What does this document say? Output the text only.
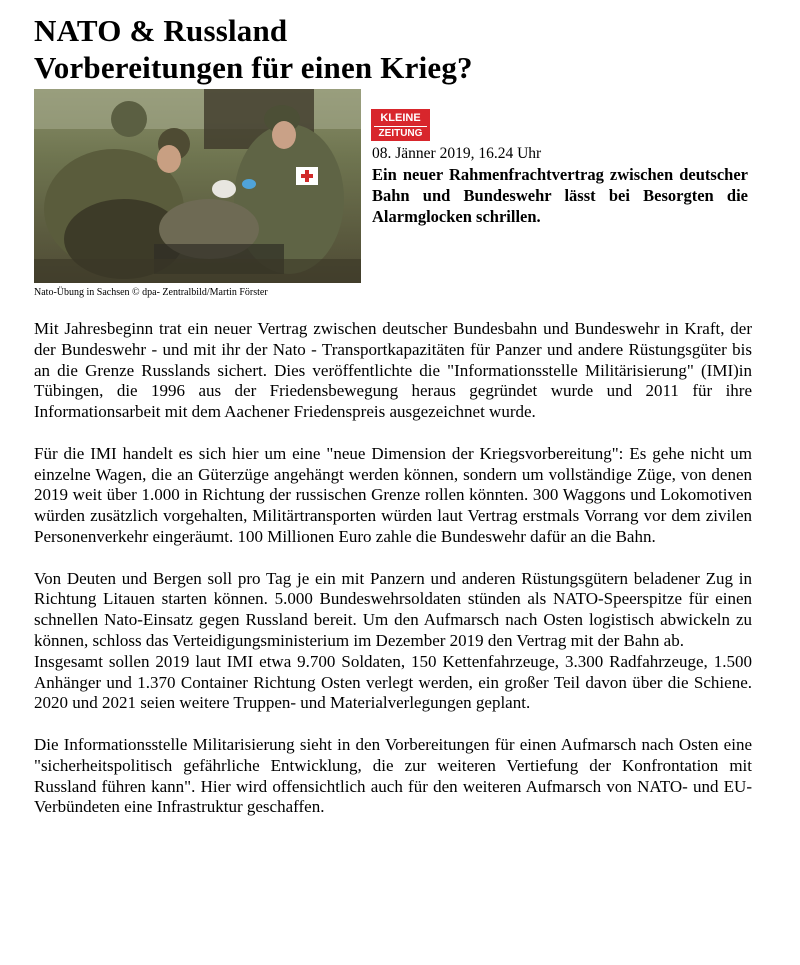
NATO & Russland
Vorbereitungen für einen Krieg?
Nato-Übung in Sachsen © dpa- Zentralbild/Martin Förster
KLEINE
ZEITUNG
08. Jänner 2019, 16.24 Uhr
Ein neuer Rahmenfrachtvertrag zwischen deutscher Bahn und Bundeswehr lässt bei Besorgten die Alarmglocken schrillen.

Mit Jahresbeginn trat ein neuer Vertrag zwischen deutscher Bundesbahn und Bundeswehr in Kraft, der der Bundeswehr - und mit ihr der Nato - Transportkapazitäten für Panzer und andere Rüstungsgüter bis an die Grenze Russlands sichert. Dies veröffentlichte die "Informationsstelle Militärisierung" (IMI)in Tübingen, die 1996 aus der Friedensbewegung heraus gegründet wurde und 2011 für ihre Informationsarbeit mit dem Aachener Friedenspreis ausgezeichnet wurde.

Für die IMI handelt es sich hier um eine "neue Dimension der Kriegsvorbereitung": Es gehe nicht um einzelne Wagen, die an Güterzüge angehängt werden können, sondern um vollständige Züge, von denen 2019 weit über 1.000 in Richtung der russischen Grenze rollen könnten. 300 Waggons und Lokomotiven würden zusätzlich vorgehalten, Militärtransporten würden laut Vertrag erstmals Vorrang vor dem zivilen Personenverkehr eingeräumt. 100 Millionen Euro zahle die Bundeswehr dafür an die Bahn.

Von Deuten und Bergen soll pro Tag je ein mit Panzern und anderen Rüstungsgütern beladener Zug in Richtung Litauen starten können. 5.000 Bundeswehrsoldaten stünden als NATO-Speerspitze für einen schnellen Nato-Einsatz gegen Russland bereit. Um den Aufmarsch nach Osten logistisch abwickeln zu können, schloss das Verteidigungsministerium im Dezember 2019 den Vertrag mit der Bahn ab.

Insgesamt sollen 2019 laut IMI etwa 9.700 Soldaten, 150 Kettenfahrzeuge, 3.300 Radfahrzeuge, 1.500 Anhänger und 1.370 Container Richtung Osten verlegt werden, ein großer Teil davon über die Schiene. 2020 und 2021 seien weitere Truppen- und Materialverlegungen geplant.

Die Informationsstelle Militarisierung sieht in den Vorbereitungen für einen Aufmarsch nach Osten eine "sicherheitspolitisch gefährliche Entwicklung, die zur weiteren Vertiefung der Konfrontation mit Russland führen kann". Hier wird offensichtlich auch für den weiteren Aufmarsch von NATO- und EU-Verbündeten eine Infrastruktur geschaffen.
